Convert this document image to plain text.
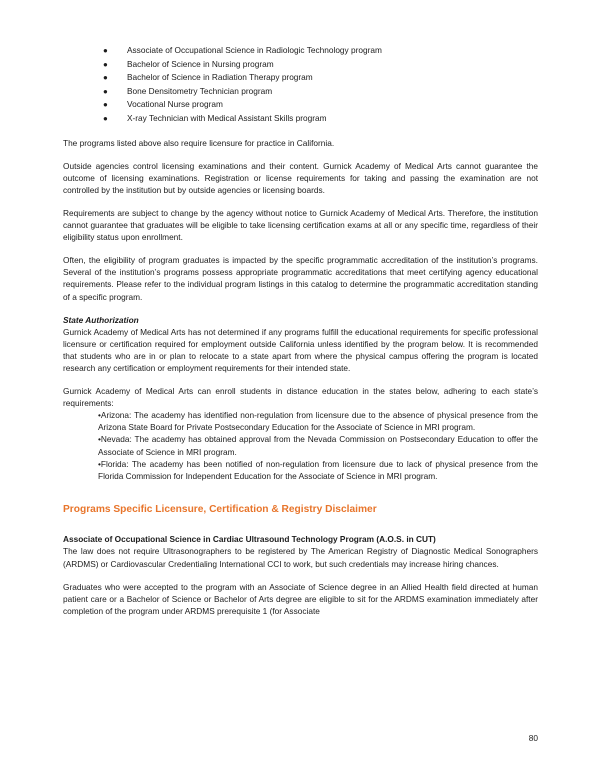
● Associate of Occupational Science in Radiologic Technology program
● Bachelor of Science in Nursing program
● Bachelor of Science in Radiation Therapy program
● Bone Densitometry Technician program
● Vocational Nurse program
● X-ray Technician with Medical Assistant Skills program

The programs listed above also require licensure for practice in California.

Outside agencies control licensing examinations and their content. Gurnick Academy of Medical Arts cannot guarantee the outcome of licensing examinations. Registration or license requirements for taking and passing the examination are not controlled by the institution but by outside agencies or licensing boards.

Requirements are subject to change by the agency without notice to Gurnick Academy of Medical Arts. Therefore, the institution cannot guarantee that graduates will be eligible to take licensing certification exams at all or any specific time, regardless of their eligibility status upon enrollment.

Often, the eligibility of program graduates is impacted by the specific programmatic accreditation of the institution’s programs. Several of the institution’s programs possess appropriate programmatic accreditations that meet certifying agency educational requirements. Please refer to the individual program listings in this catalog to determine the programmatic accreditation standing of a specific program.

State Authorization

Gurnick Academy of Medical Arts has not determined if any programs fulfill the educational requirements for specific professional licensure or certification required for employment outside California unless identified by the program below. It is recommended that students who are in or plan to relocate to a state apart from where the physical campus offering the program is located research any certification or employment requirements for their intended state.

Gurnick Academy of Medical Arts can enroll students in distance education in the states below, adhering to each state’s requirements:

•Arizona: The academy has identified non-regulation from licensure due to the absence of physical presence from the Arizona State Board for Private Postsecondary Education for the Associate of Science in MRI program.

•Nevada: The academy has obtained approval from the Nevada Commission on Postsecondary Education to offer the Associate of Science in MRI program.

•Florida: The academy has been notified of non-regulation from licensure due to lack of physical presence from the Florida Commission for Independent Education for the Associate of Science in MRI program.

Programs Specific Licensure, Certification & Registry Disclaimer

Associate of Occupational Science in Cardiac Ultrasound Technology Program (A.O.S. in CUT)

The law does not require Ultrasonographers to be registered by The American Registry of Diagnostic Medical Sonographers (ARDMS) or Cardiovascular Credentialing International CCI to work, but such credentials may increase hiring chances.

Graduates who were accepted to the program with an Associate of Science degree in an Allied Health field directed at human patient care or a Bachelor of Science or Bachelor of Arts degree are eligible to sit for the ARDMS examination immediately after completion of the program under ARDMS prerequisite 1 (for Associate

80
